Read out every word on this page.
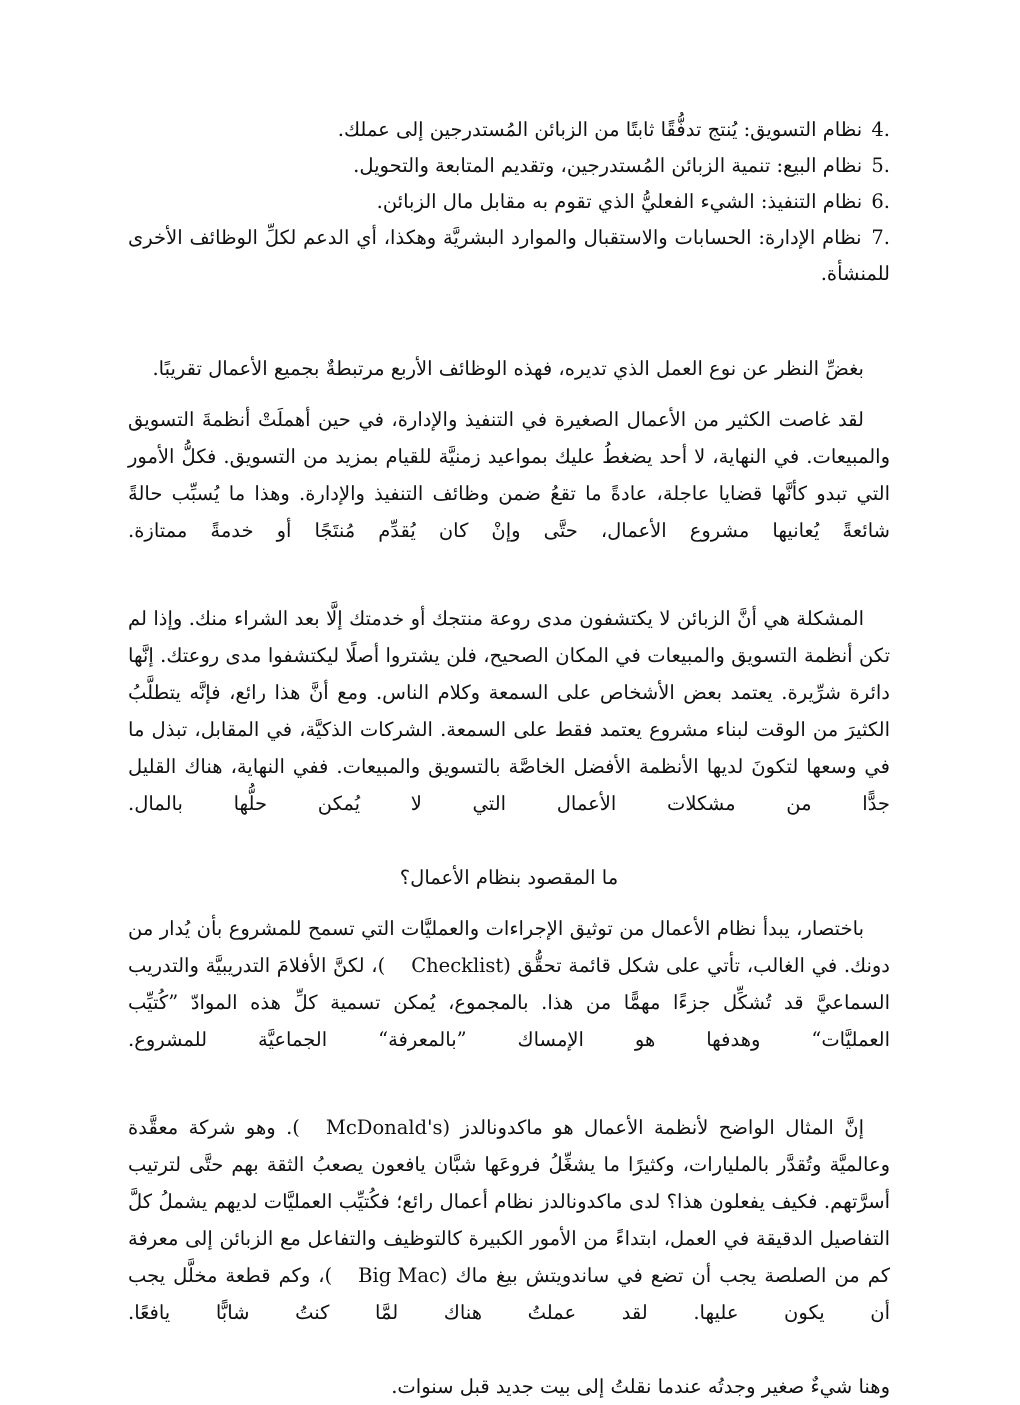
4. نظام التسويق: يُنتج تدفُّقًا ثابتًا من الزبائن المُستدرجين إلى عملك.
5. نظام البيع: تنمية الزبائن المُستدرجين، وتقديم المتابعة والتحويل.
6. نظام التنفيذ: الشيء الفعليُّ الذي تقوم به مقابل مال الزبائن.
7. نظام الإدارة: الحسابات والاستقبال والموارد البشريَّة وهكذا، أي الدعم لكلِّ الوظائف الأخرى للمنشأة.

بغضِّ النظر عن نوع العمل الذي تديره، فهذه الوظائف الأربع مرتبطةٌ بجميع الأعمال تقريبًا.

لقد غاصت الكثير من الأعمال الصغيرة في التنفيذ والإدارة، في حين أهملَتْ أنظمةَ التسويق والمبيعات. في النهاية، لا أحد يضغطُ عليك بمواعيد زمنيَّة للقيام بمزيد من التسويق. فكلُّ الأمور التي تبدو كأنَّها قضايا عاجلة، عادةً ما تقعُ ضمن وظائف التنفيذ والإدارة. وهذا ما يُسبِّب حالةً شائعةً يُعانيها مشروع الأعمال، حتَّى وإنْ كان يُقدِّم مُنتَجًا أو خدمةً ممتازة.

المشكلة هي أنَّ الزبائن لا يكتشفون مدى روعة منتجك أو خدمتك إلَّا بعد الشراء منك. وإذا لم تكن أنظمة التسويق والمبيعات في المكان الصحيح، فلن يشتروا أصلًا ليكتشفوا مدى روعتك. إنَّها دائرة شرِّيرة. يعتمد بعض الأشخاص على السمعة وكلام الناس. ومع أنَّ هذا رائع، فإنَّه يتطلَّبُ الكثيرَ من الوقت لبناء مشروع يعتمد فقط على السمعة. الشركات الذكيَّة، في المقابل، تبذل ما في وسعها لتكونَ لديها الأنظمة الأفضل الخاصَّة بالتسويق والمبيعات. ففي النهاية، هناك القليل جدًّا من مشكلات الأعمال التي لا يُمكن حلُّها بالمال.

ما المقصود بنظام الأعمال؟

باختصار، يبدأ نظام الأعمال من توثيق الإجراءات والعمليَّات التي تسمح للمشروع بأن يُدار من دونك. في الغالب، تأتي على شكل قائمة تحقُّق (Checklist)، لكنَّ الأفلامَ التدريبيَّة والتدريب السماعيَّ قد تُشكِّل جزءًا مهمًّا من هذا. بالمجموع، يُمكن تسمية كلِّ هذه الموادّ ”كُتيِّب العمليَّات“ وهدفها هو الإمساك ”بالمعرفة“ الجماعيَّة للمشروع.

إنَّ المثال الواضح لأنظمة الأعمال هو ماكدونالدز (McDonald's). وهو شركة معقَّدة وعالميَّة وتُقدَّر بالمليارات، وكثيرًا ما يشغِّلُ فروعَها شبَّان يافعون يصعبُ الثقة بهم حتَّى لترتيب أسرَّتهم. فكيف يفعلون هذا؟ لدى ماكدونالدز نظام أعمال رائع؛ فكُتيِّب العمليَّات لديهم يشملُ كلَّ التفاصيل الدقيقة في العمل، ابتداءً من الأمور الكبيرة كالتوظيف والتفاعل مع الزبائن إلى معرفة كم من الصلصة يجب أن تضع في ساندويتش بيغ ماك (Big Mac)، وكم قطعة مخلَّل يجب أن يكون عليها. لقد عملتُ هناك لمَّا كنتُ شابًّا يافعًا.

وهنا شيءٌ صغير وجدتُه عندما نقلتُ إلى بيت جديد قبل سنوات.
